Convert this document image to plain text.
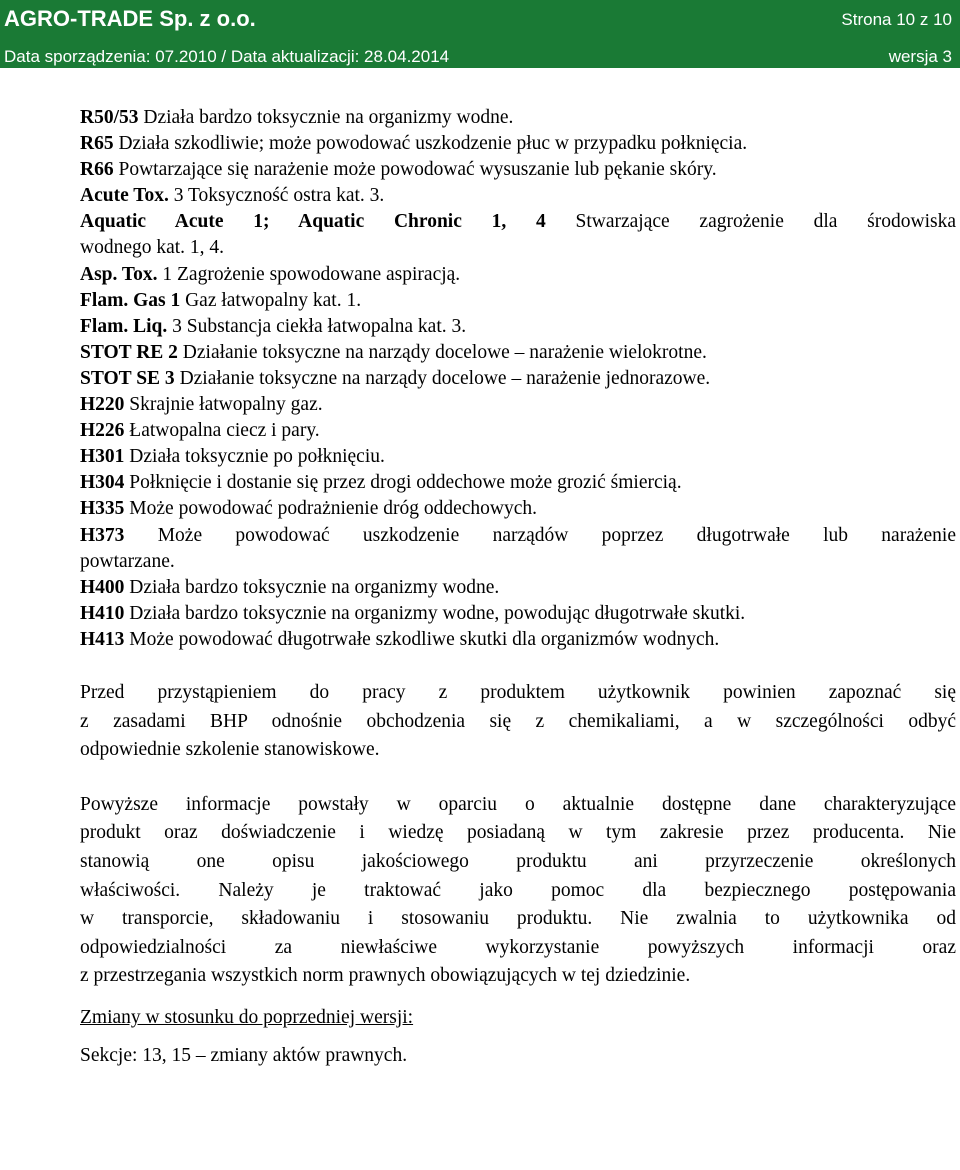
AGRO-TRADE Sp. z o.o.	Strona 10 z 10
Data sporządzenia: 07.2010 / Data aktualizacji: 28.04.2014	wersja 3
R50/53 Działa bardzo toksycznie na organizmy wodne.
R65 Działa szkodliwie; może powodować uszkodzenie płuc w przypadku połknięcia.
R66 Powtarzające się narażenie może powodować wysuszanie lub pękanie skóry.
Acute Tox. 3 Toksyczność ostra kat. 3.
Aquatic Acute 1; Aquatic Chronic 1, 4 Stwarzające zagrożenie dla środowiska
wodnego kat. 1, 4.
Asp. Tox. 1 Zagrożenie spowodowane aspiracją.
Flam. Gas 1 Gaz łatwopalny kat. 1.
Flam. Liq. 3 Substancja ciekła łatwopalna kat. 3.
STOT RE 2 Działanie toksyczne na narządy docelowe – narażenie wielokrotne.
STOT SE 3 Działanie toksyczne na narządy docelowe – narażenie jednorazowe.
H220 Skrajnie łatwopalny gaz.
H226 Łatwopalna ciecz i pary.
H301 Działa toksycznie po połknięciu.
H304 Połknięcie i dostanie się przez drogi oddechowe może grozić śmiercią.
H335 Może powodować podrażnienie dróg oddechowych.
H373 Może powodować uszkodzenie narządów poprzez długotrwałe lub narażenie
powtarzane.
H400 Działa bardzo toksycznie na organizmy wodne.
H410 Działa bardzo toksycznie na organizmy wodne, powodując długotrwałe skutki.
H413 Może powodować długotrwałe szkodliwe skutki dla organizmów wodnych.
Przed przystąpieniem do pracy z produktem użytkownik powinien zapoznać się
z zasadami BHP odnośnie obchodzenia się z chemikaliami, a w szczególności odbyć
odpowiednie szkolenie stanowiskowe.
Powyższe informacje powstały w oparciu o aktualnie dostępne dane charakteryzujące
produkt oraz doświadczenie i wiedzę posiadaną w tym zakresie przez producenta. Nie
stanowią one opisu jakościowego produktu ani przyrzeczenie określonych
właściwości. Należy je traktować jako pomoc dla bezpiecznego postępowania
w transporcie, składowaniu i stosowaniu produktu. Nie zwalnia to użytkownika od
odpowiedzialności za niewłaściwe wykorzystanie powyższych informacji oraz
z przestrzegania wszystkich norm prawnych obowiązujących w tej dziedzinie.
Zmiany w stosunku do poprzedniej wersji:
Sekcje: 13, 15 – zmiany aktów prawnych.
